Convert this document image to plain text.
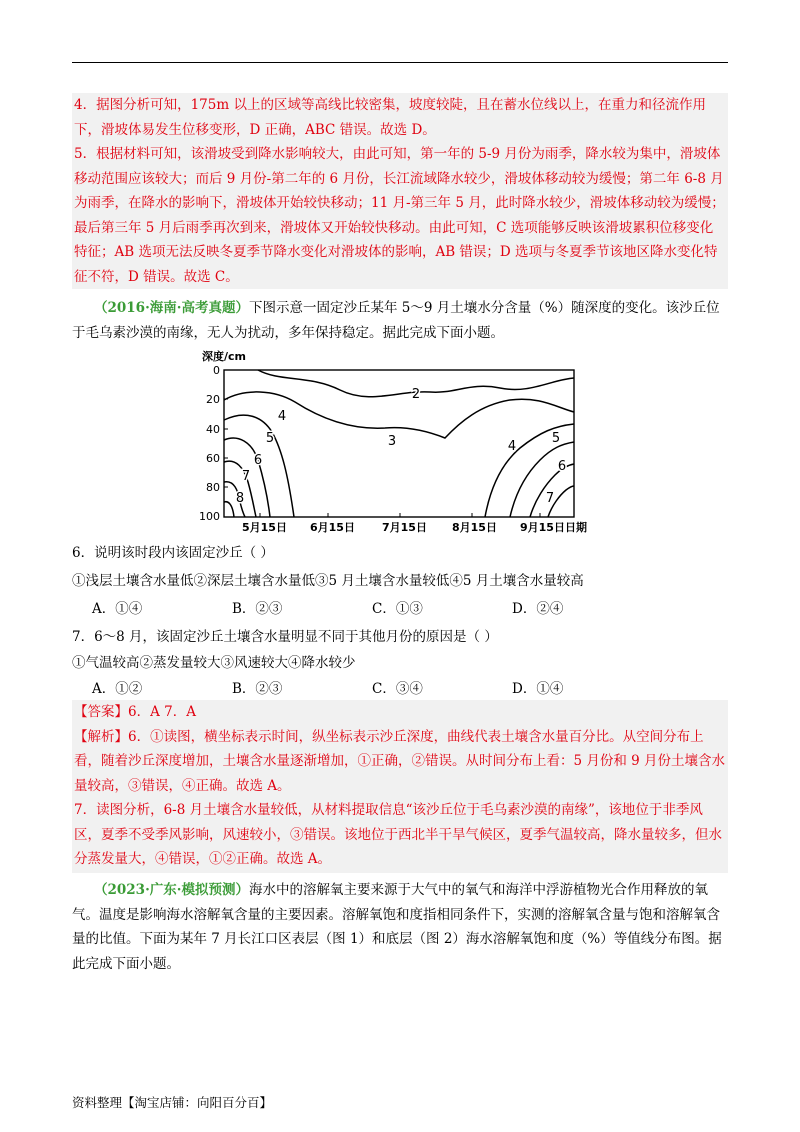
4．据图分析可知，175m 以上的区域等高线比较密集，坡度较陡，且在蓄水位线以上，在重力和径流作用下，滑坡体易发生位移变形，D 正确，ABC 错误。故选 D。

5．根据材料可知，该滑坡受到降水影响较大，由此可知，第一年的 5-9 月份为雨季，降水较为集中，滑坡体移动范围应该较大；而后 9 月份-第二年的 6 月份，长江流域降水较少，滑坡体移动较为缓慢；第二年 6-8 月为雨季，在降水的影响下，滑坡体开始较快移动；11 月-第三年 5 月，此时降水较少，滑坡体移动较为缓慢；最后第三年 5 月后雨季再次到来，滑坡体又开始较快移动。由此可知，C 选项能够反映该滑坡累积位移变化特征；AB 选项无法反映冬夏季节降水变化对滑坡体的影响，AB 错误；D 选项与冬夏季节该地区降水变化特征不符，D 错误。故选 C。

（2016·海南·高考真题）下图示意一固定沙丘某年 5～9 月土壤水分含量（%）随深度的变化。该沙丘位于毛乌素沙漠的南缘，无人为扰动，多年保持稳定。据此完成下面小题。
深度/cm
0
20
40
60
80
100
5月15日 6月15日 7月15日 8月15日 9月15日 日期
2
3
4
4
5	5
6	6
7
7
8
6．说明该时段内该固定沙丘（ ）
①浅层土壤含水量低②深层土壤含水量低③5 月土壤含水量较低④5 月土壤含水量较高
A．①④	B．②③	C．①③	D．②④
7．6～8 月，该固定沙丘土壤含水量明显不同于其他月份的原因是（ ）
①气温较高②蒸发量较大③风速较大④降水较少
A．①②	B．②③	C．③④	D．①④

【答案】6．A 7．A

【解析】6．①读图，横坐标表示时间，纵坐标表示沙丘深度，曲线代表土壤含水量百分比。从空间分布上看，随着沙丘深度增加，土壤含水量逐渐增加，①正确，②错误。从时间分布上看：5 月份和 9 月份土壤含水量较高，③错误，④正确。故选 A。

7．读图分析，6-8 月土壤含水量较低，从材料提取信息“该沙丘位于毛乌素沙漠的南缘”，该地位于非季风区，夏季不受季风影响，风速较小，③错误。该地位于西北半干旱气候区，夏季气温较高，降水量较多，但水分蒸发量大，④错误，①②正确。故选 A。

（2023·广东·模拟预测）海水中的溶解氧主要来源于大气中的氧气和海洋中浮游植物光合作用释放的氧气。温度是影响海水溶解氧含量的主要因素。溶解氧饱和度指相同条件下，实测的溶解氧含量与饱和溶解氧含量的比值。下面为某年 7 月长江口区表层（图 1）和底层（图 2）海水溶解氧饱和度（%）等值线分布图。据此完成下面小题。
资料整理【淘宝店铺：向阳百分百】
